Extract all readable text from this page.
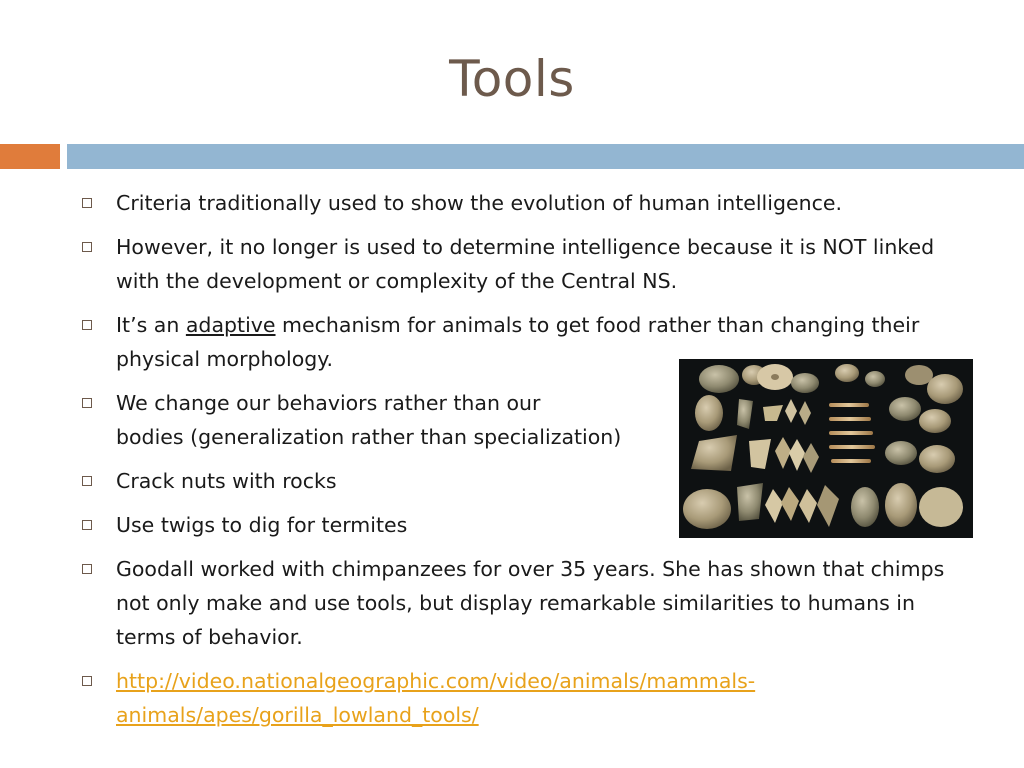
Tools
Criteria traditionally used to show the evolution of human intelligence.
However, it no longer is used to determine intelligence because it is NOT linked with the development or complexity of the Central NS.
It’s an adaptive mechanism for animals to get food rather than changing their physical morphology.
We change our behaviors rather than our
bodies (generalization rather than specialization)
Crack nuts with rocks
Use twigs to dig for termites
Goodall worked with chimpanzees for over 35 years. She has shown that chimps not only make and use tools, but display remarkable similarities to humans in terms of behavior.
http://video.nationalgeographic.com/video/animals/mammals-animals/apes/gorilla_lowland_tools/
